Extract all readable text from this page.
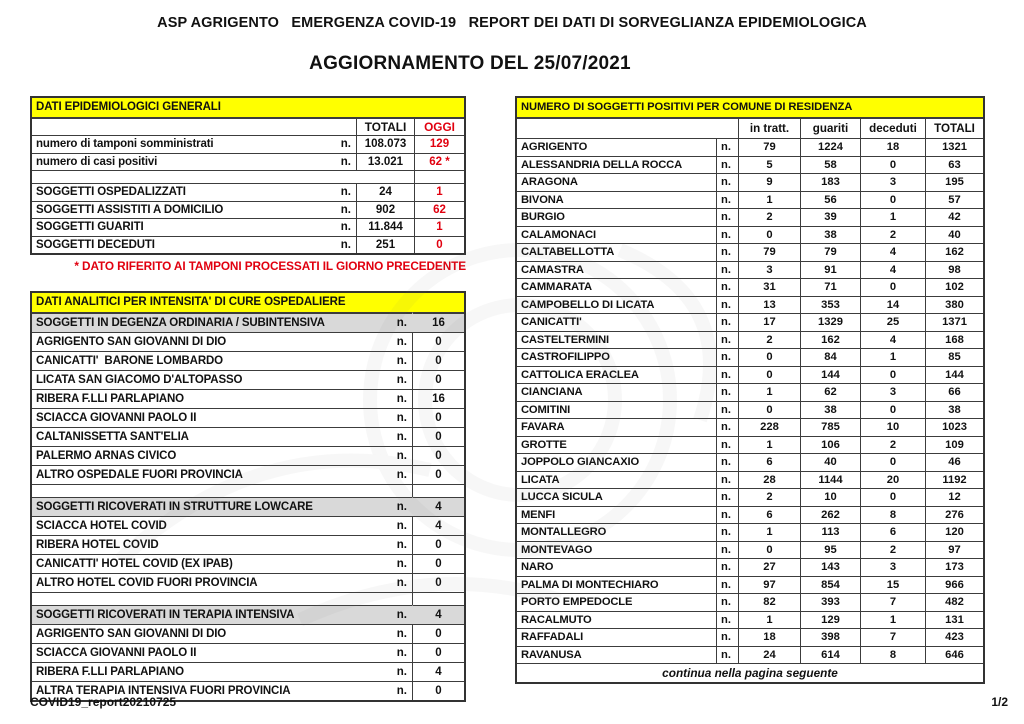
ASP AGRIGENTO   EMERGENZA COVID-19   REPORT DEI DATI DI SORVEGLIANZA EPIDEMIOLOGICA
AGGIORNAMENTO DEL 25/07/2021
DATI EPIDEMIOLOGICI GENERALI		
	TOTALI	OGGI

numero di tamponi somministrati n.	108.073	129

numero di casi positivi n.	13.021	62 *

SOGGETTI OSPEDALIZZATI n.	24	1

SOGGETTI ASSISTITI A DOMICILIO n.	902	62

SOGGETTI GUARITI n.	11.844	1

SOGGETTI DECEDUTI n.	251	0
* DATO RIFERITO AI TAMPONI PROCESSATI IL GIORNO PRECEDENTE
DATI ANALITICI PER INTENSITA' DI CURE OSPEDALIERE	

SOGGETTI IN DEGENZA ORDINARIA / SUBINTENSIVA n.	16

AGRIGENTO SAN GIOVANNI DI DIO n.	0

CANICATTI'  BARONE LOMBARDO n.	0

LICATA SAN GIACOMO D'ALTOPASSO n.	0

RIBERA F.LLI PARLAPIANO n.	16

SCIACCA GIOVANNI PAOLO II n.	0

CALTANISSETTA SANT'ELIA n.	0

PALERMO ARNAS CIVICO n.	0

ALTRO OSPEDALE FUORI PROVINCIA n.	0

SOGGETTI RICOVERATI IN STRUTTURE LOWCARE n.	4

SCIACCA HOTEL COVID n.	4

RIBERA HOTEL COVID n.	0

CANICATTI' HOTEL COVID (EX IPAB) n.	0

ALTRO HOTEL COVID FUORI PROVINCIA n.	0

SOGGETTI RICOVERATI IN TERAPIA INTENSIVA n.	4

AGRIGENTO SAN GIOVANNI DI DIO n.	0

SCIACCA GIOVANNI PAOLO II n.	0

RIBERA F.LLI PARLAPIANO n.	4

ALTRA TERAPIA INTENSIVA FUORI PROVINCIA n.	0
NUMERO DI SOGGETTI POSITIVI PER COMUNE DI RESIDENZA					
		in tratt.	guariti	deceduti	TOTALI
AGRIGENTO	n.	79	1224	18	1321
ALESSANDRIA DELLA ROCCA	n.	5	58	0	63
ARAGONA	n.	9	183	3	195
BIVONA	n.	1	56	0	57
BURGIO	n.	2	39	1	42
CALAMONACI	n.	0	38	2	40
CALTABELLOTTA	n.	79	79	4	162
CAMASTRA	n.	3	91	4	98
CAMMARATA	n.	31	71	0	102
CAMPOBELLO DI LICATA	n.	13	353	14	380
CANICATTI'	n.	17	1329	25	1371
CASTELTERMINI	n.	2	162	4	168
CASTROFILIPPO	n.	0	84	1	85
CATTOLICA ERACLEA	n.	0	144	0	144
CIANCIANA	n.	1	62	3	66
COMITINI	n.	0	38	0	38
FAVARA	n.	228	785	10	1023
GROTTE	n.	1	106	2	109
JOPPOLO GIANCAXIO	n.	6	40	0	46
LICATA	n.	28	1144	20	1192
LUCCA SICULA	n.	2	10	0	12
MENFI	n.	6	262	8	276
MONTALLEGRO	n.	1	113	6	120
MONTEVAGO	n.	0	95	2	97
NARO	n.	27	143	3	173
PALMA DI MONTECHIARO	n.	97	854	15	966
PORTO EMPEDOCLE	n.	82	393	7	482
RACALMUTO	n.	1	129	1	131
RAFFADALI	n.	18	398	7	423
RAVANUSA	n.	24	614	8	646
continua nella pagina seguente					
COVID19_report20210725	1/2
